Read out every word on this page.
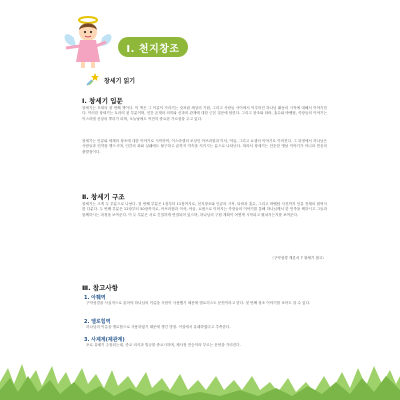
Ⅰ. 천지창조
창세기 읽기
Ⅰ. 창세기 입문

창세기는 모세의 첫 번째 책이다. 이 책은 그 이름이 가리키는 것처럼 세상의 기원, 그리고 사람들 사이에서 이루어진 하나님 활동의 시작에 대해서 이야기한다. 이러한 창세기는 토라의 첫 부분이며, 인간 존재의 의미와 신과의 관계에 대한 근본 질문에 답한다. 그리고 창조와 타락, 홍수와 바벨탑, 족장들의 이야기는 이스라엘 신앙의 뿌리가 되며, 오늘날에도 여전히 중요한 가르침을 주고 있다.

창세기는 인류와 세계의 창조에 대한 이야기로 시작하여, 이스라엘의 조상인 아브라함과 이삭, 야곱, 그리고 요셉의 이야기로 이어진다. 그 과정에서 하나님은 사람들과 언약을 맺으시며, 인간의 죄와 실패에도 불구하고 끝까지 약속을 지키시는 분으로 나타난다. 따라서 창세기는 단순한 옛날 이야기가 아니라 믿음의 출발점이다.

Ⅱ. 창세기 구조

창세기는 크게 두 부분으로 나뉜다. 첫 번째 부분은 1장부터 11장까지로, 천지창조와 인류의 시작, 타락과 홍수, 그리고 바벨탑 사건까지 인류 전체의 원역사를 다룬다. 두 번째 부분은 12장부터 50장까지로, 아브라함과 이삭, 야곱, 요셉으로 이어지는 족장들의 이야기를 통해 하나님께서 한 민족을 택하시고 그들과 함께하시는 과정을 보여준다. 이 두 부분은 서로 긴밀하게 연결되어 있으며, 하나님의 구원 계획이 어떻게 시작되고 펼쳐지는지를 보여준다.

〈구약성경 개론서 7 창세기 참고〉
Ⅲ. 참고사항
1. 아훼역

구약성경을 사실적으로 읽어야 하나님의 이름을 사람이 사용했기 때문에 엘로히스트 문헌이라고 한다. 첫 번째 창조 이야기를 보아도 알 수 있다.

2. 엘로힘역

하나님의 이름을 엘로힘으로 사용하였기 때문에 생긴 명칭. 이설에서 유래하였다고 추측한다.

3. 사제계(제관계)

포로 유배기 주장되는데, 종교 의식과 법규를 중요시하며, 제사장 전승이라 부르는 문헌을 가리킨다.
